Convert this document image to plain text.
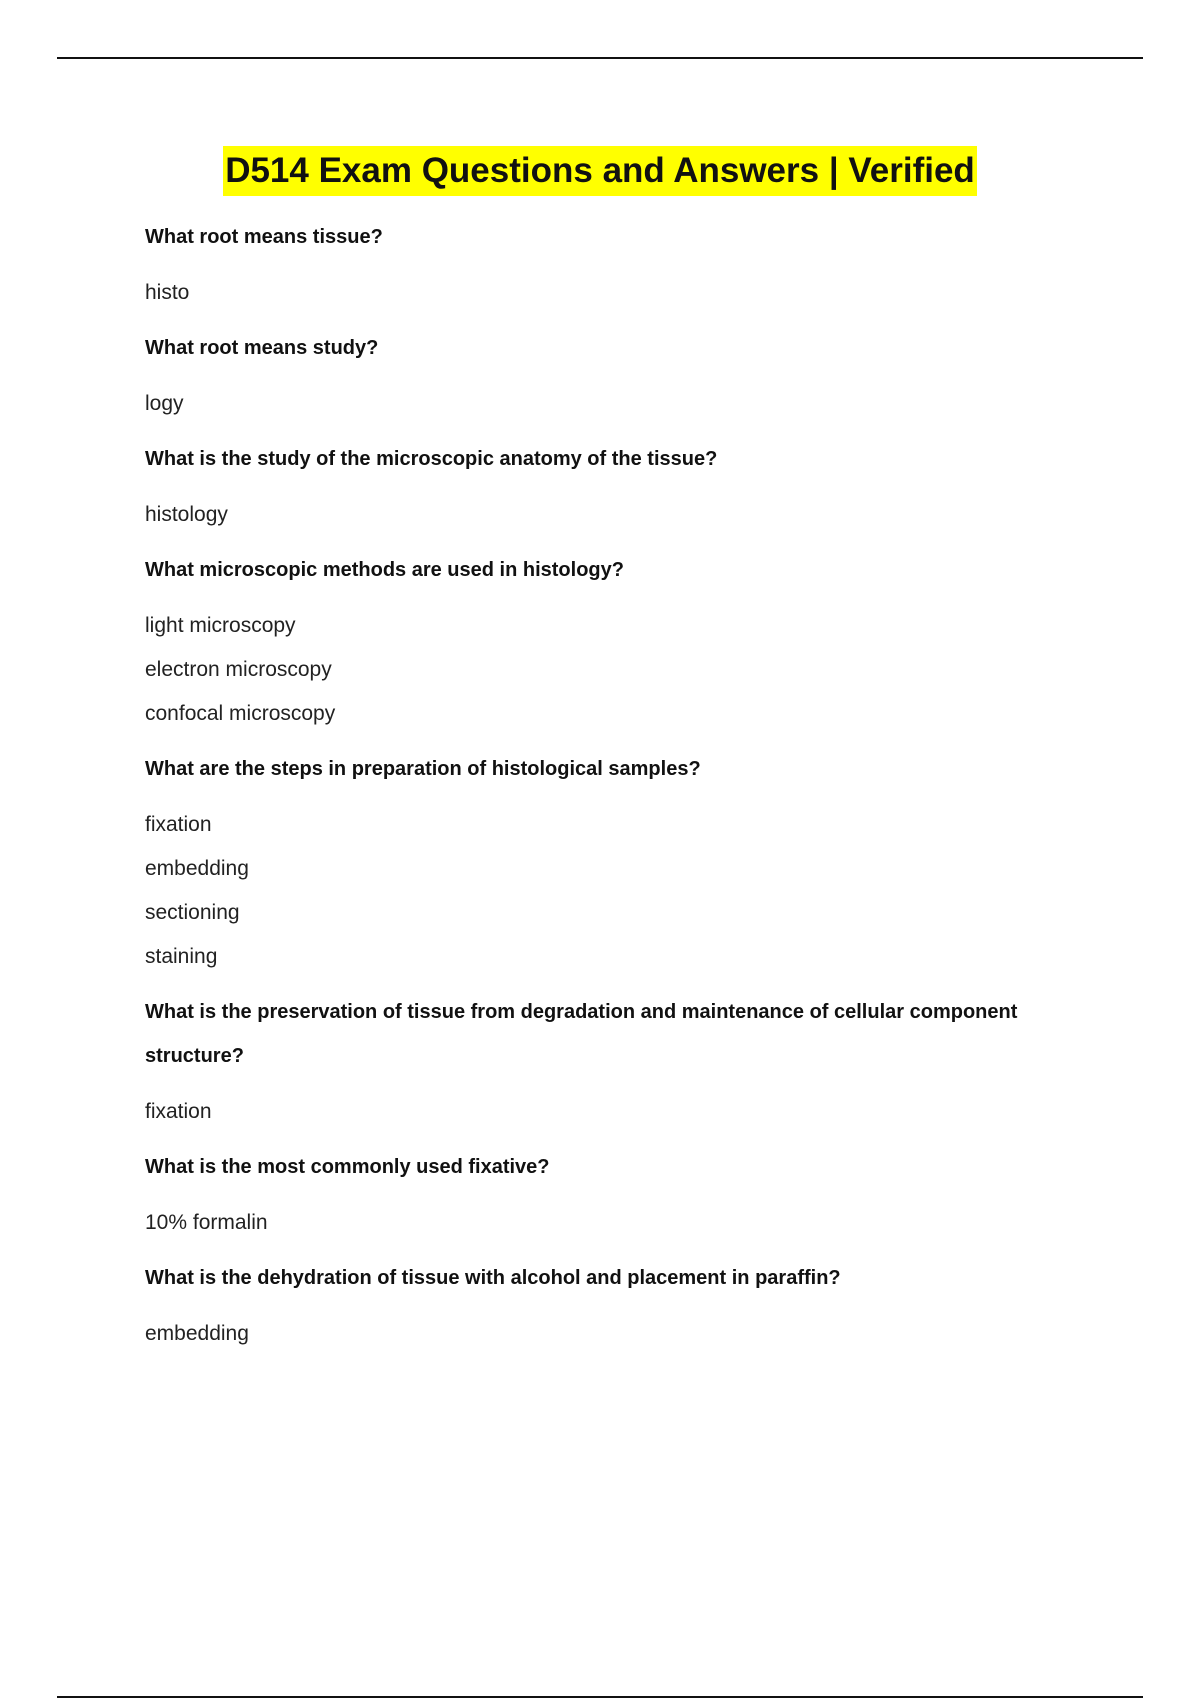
D514 Exam Questions and Answers | Verified

What root means tissue?

histo

What root means study?

logy

What is the study of the microscopic anatomy of the tissue?

histology

What microscopic methods are used in histology?

light microscopy
electron microscopy
confocal microscopy

What are the steps in preparation of histological samples?

fixation
embedding
sectioning
staining

What is the preservation of tissue from degradation and maintenance of cellular component structure?

fixation

What is the most commonly used fixative?

10% formalin

What is the dehydration of tissue with alcohol and placement in paraffin?

embedding
